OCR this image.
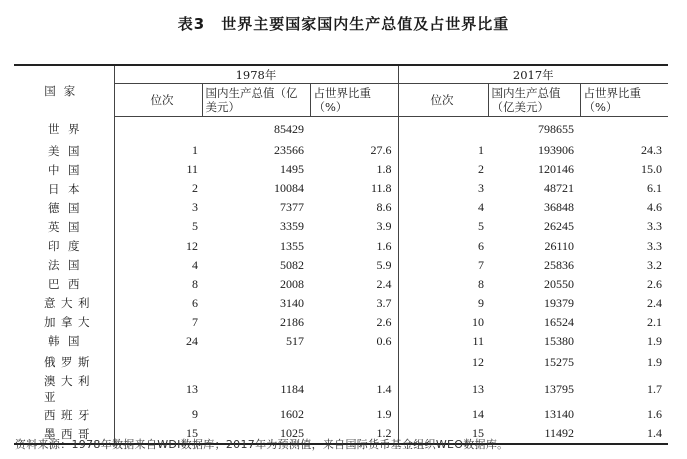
表3　世界主要国家国内生产总值及占世界比重
国家	1978年			2017年		
	位次	国内生产总值（亿美元）	占世界比重（%）	位次	国内生产总值（亿美元）	占世界比重（%）
世界		85429			798655	
美国	1	23566	27.6	1	193906	24.3
中国	11	1495	1.8	2	120146	15.0
日本	2	10084	11.8	3	48721	6.1
德国	3	7377	8.6	4	36848	4.6
英国	5	3359	3.9	5	26245	3.3
印度	12	1355	1.6	6	26110	3.3
法国	4	5082	5.9	7	25836	3.2
巴西	8	2008	2.4	8	20550	2.6
意大利	6	3140	3.7	9	19379	2.4
加拿大	7	2186	2.6	10	16524	2.1
韩国	24	517	0.6	11	15380	1.9
俄罗斯				12	15275	1.9
澳大利亚	13	1184	1.4	13	13795	1.7
西班牙	9	1602	1.9	14	13140	1.6
墨西哥	15	1025	1.2	15	11492	1.4
资料来源：1978年数据来自WDI数据库；2017年为预测值，来自国际货币基金组织WEO数据库。
